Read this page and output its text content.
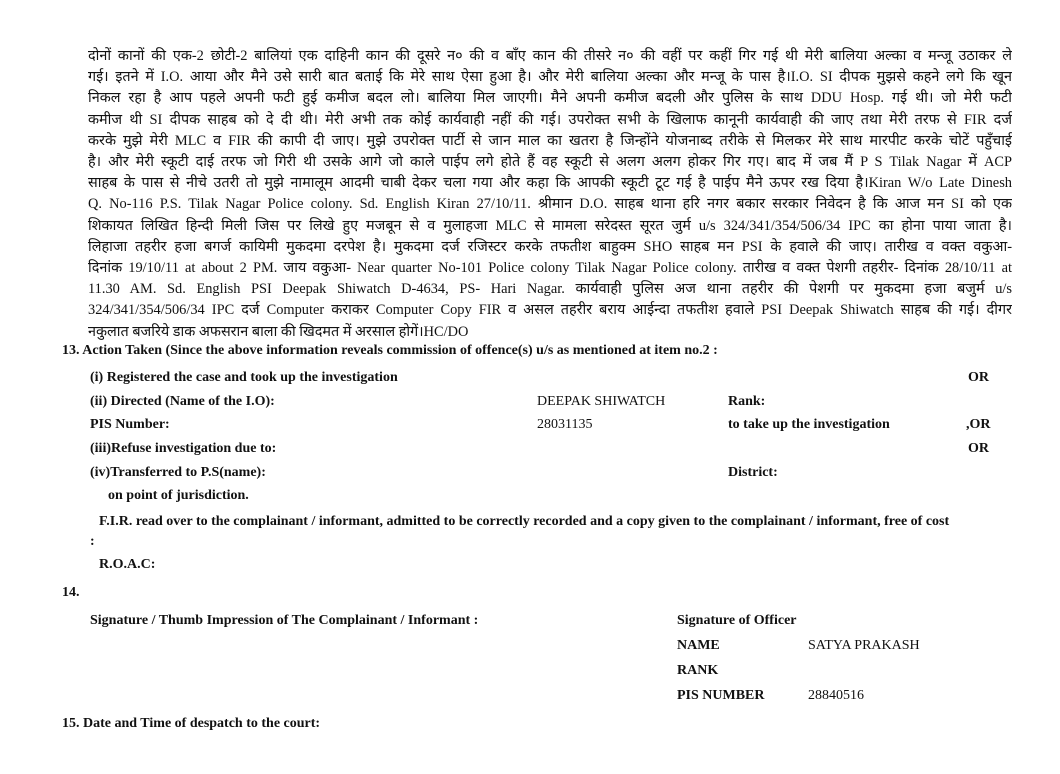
दोनों कानों की एक-2 छोटी-2 बालियां एक दाहिनी कान की दूसरे न० की व बाँए कान की तीसरे न० की वहीं पर कहीं गिर गई थी मेरी बालिया अल्का व मन्जू उठाकर ले
गई। इतने में I.O. आया और मैने उसे सारी बात बताई कि मेरे साथ ऐसा हुआ है। और मेरी बालिया अल्का और मन्जू के पास है।I.O. SI दीपक मुझसे कहने लगे कि खून
निकल रहा है आप पहले अपनी फटी हुई कमीज बदल लो। बालिया मिल जाएगी। मैने अपनी कमीज बदली और पुलिस के साथ DDU Hosp. गई थी। जो मेरी फटी
कमीज थी SI दीपक साहब को दे दी थी। मेरी अभी तक कोई कार्यवाही नहीं की गई। उपरोक्त सभी के खिलाफ कानूनी कार्यवाही की जाए तथा मेरी तरफ से FIR दर्ज
करके मुझे मेरी MLC व FIR की कापी दी जाए। मुझे उपरोक्त पार्टी से जान माल का खतरा है जिन्होंने योजनाब्द तरीके से मिलकर मेरे साथ मारपीट करके चोटें पहुँचाई
है। और मेरी स्कूटी दाई तरफ जो गिरी थी उसके आगे जो काले पाईप लगे होते हैं वह स्कूटी से अलग अलग होकर गिर गए। बाद में जब मैं P S Tilak Nagar में ACP
साहब के पास से नीचे उतरी तो मुझे नामालूम आदमी चाबी देकर चला गया और कहा कि आपकी स्कूटी टूट गई है पाईप मैने ऊपर रख दिया है।Kiran W/o Late Dinesh
Q. No-116 P.S. Tilak Nagar Police colony. Sd. English Kiran 27/10/11. श्रीमान D.O. साहब थाना हरि नगर बकार सरकार निवेदन है कि आज मन SI को एक
शिकायत लिखित हिन्दी मिली जिस पर लिखे हुए मजबून से व मुलाहजा MLC से मामला सरेदस्त सूरत जुर्म u/s 324/341/354/506/34 IPC का होना पाया जाता है।
लिहाजा तहरीर हजा बगर्ज कायिमी मुकदमा दरपेश है। मुकदमा दर्ज रजिस्टर करके तफतीश बाहुक्म SHO साहब मन PSI के हवाले की जाए। तारीख व वक्त वकुआ-
दिनांक 19/10/11 at about 2 PM. जाय वकुआ- Near quarter No-101 Police colony Tilak Nagar Police colony. तारीख व वक्त पेशगी तहरीर- दिनांक 28/10/11 at
11.30 AM. Sd. English PSI Deepak Shiwatch D-4634, PS- Hari Nagar. कार्यवाही पुलिस अज थाना तहरीर की पेशगी पर मुकदमा हजा बजुर्म u/s
324/341/354/506/34 IPC दर्ज Computer कराकर Computer Copy FIR व असल तहरीर बराय आईन्दा तफतीश हवाले PSI Deepak Shiwatch साहब की गई। दीगर
नकुलात बजरिये डाक अफसरान बाला की खिदमत में अरसाल होगें।HC/DO
13. Action Taken (Since the above information reveals commission of offence(s) u/s as mentioned at item no.2 :
(i) Registered the case and took up the investigation	OR
(ii) Directed (Name of the I.O):	DEEPAK SHIWATCH	Rank:
PIS Number:	28031135	to take up the investigation	,OR
(iii)Refuse investigation due to:	OR
(iv)Transferred to P.S(name):	District:
on point of jurisdiction.
F.I.R. read over to the complainant / informant, admitted to be correctly recorded and a copy given to the complainant / informant, free of cost
:
R.O.A.C:
14.
Signature / Thumb Impression of The Complainant / Informant :	Signature of Officer
NAME	SATYA PRAKASH
RANK
PIS NUMBER	28840516
15. Date and Time of despatch to the court:
